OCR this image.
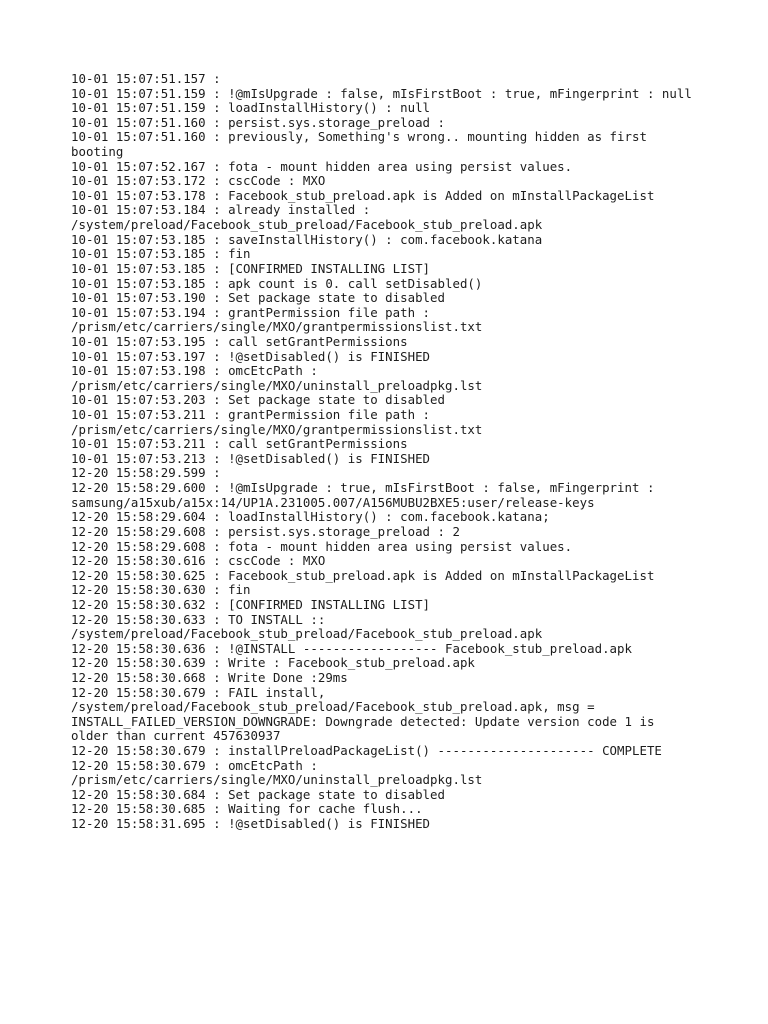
10-01 15:07:51.157 :
10-01 15:07:51.159 : !@mIsUpgrade : false, mIsFirstBoot : true, mFingerprint : null
10-01 15:07:51.159 : loadInstallHistory() : null
10-01 15:07:51.160 : persist.sys.storage_preload :
10-01 15:07:51.160 : previously, Something's wrong.. mounting hidden as first
booting
10-01 15:07:52.167 : fota - mount hidden area using persist values.
10-01 15:07:53.172 : cscCode : MXO
10-01 15:07:53.178 : Facebook_stub_preload.apk is Added on mInstallPackageList
10-01 15:07:53.184 : already installed :
/system/preload/Facebook_stub_preload/Facebook_stub_preload.apk
10-01 15:07:53.185 : saveInstallHistory() : com.facebook.katana
10-01 15:07:53.185 : fin
10-01 15:07:53.185 : [CONFIRMED INSTALLING LIST]
10-01 15:07:53.185 : apk count is 0. call setDisabled()
10-01 15:07:53.190 : Set package state to disabled
10-01 15:07:53.194 : grantPermission file path :
/prism/etc/carriers/single/MXO/grantpermissionslist.txt
10-01 15:07:53.195 : call setGrantPermissions
10-01 15:07:53.197 : !@setDisabled() is FINISHED
10-01 15:07:53.198 : omcEtcPath :
/prism/etc/carriers/single/MXO/uninstall_preloadpkg.lst
10-01 15:07:53.203 : Set package state to disabled
10-01 15:07:53.211 : grantPermission file path :
/prism/etc/carriers/single/MXO/grantpermissionslist.txt
10-01 15:07:53.211 : call setGrantPermissions
10-01 15:07:53.213 : !@setDisabled() is FINISHED
12-20 15:58:29.599 :
12-20 15:58:29.600 : !@mIsUpgrade : true, mIsFirstBoot : false, mFingerprint :
samsung/a15xub/a15x:14/UP1A.231005.007/A156MUBU2BXE5:user/release-keys
12-20 15:58:29.604 : loadInstallHistory() : com.facebook.katana;
12-20 15:58:29.608 : persist.sys.storage_preload : 2
12-20 15:58:29.608 : fota - mount hidden area using persist values.
12-20 15:58:30.616 : cscCode : MXO
12-20 15:58:30.625 : Facebook_stub_preload.apk is Added on mInstallPackageList
12-20 15:58:30.630 : fin
12-20 15:58:30.632 : [CONFIRMED INSTALLING LIST]
12-20 15:58:30.633 : TO INSTALL ::
/system/preload/Facebook_stub_preload/Facebook_stub_preload.apk
12-20 15:58:30.636 : !@INSTALL ------------------ Facebook_stub_preload.apk
12-20 15:58:30.639 : Write : Facebook_stub_preload.apk
12-20 15:58:30.668 : Write Done :29ms
12-20 15:58:30.679 : FAIL install,
/system/preload/Facebook_stub_preload/Facebook_stub_preload.apk, msg =
INSTALL_FAILED_VERSION_DOWNGRADE: Downgrade detected: Update version code 1 is
older than current 457630937
12-20 15:58:30.679 : installPreloadPackageList() --------------------- COMPLETE
12-20 15:58:30.679 : omcEtcPath :
/prism/etc/carriers/single/MXO/uninstall_preloadpkg.lst
12-20 15:58:30.684 : Set package state to disabled
12-20 15:58:30.685 : Waiting for cache flush...
12-20 15:58:31.695 : !@setDisabled() is FINISHED
